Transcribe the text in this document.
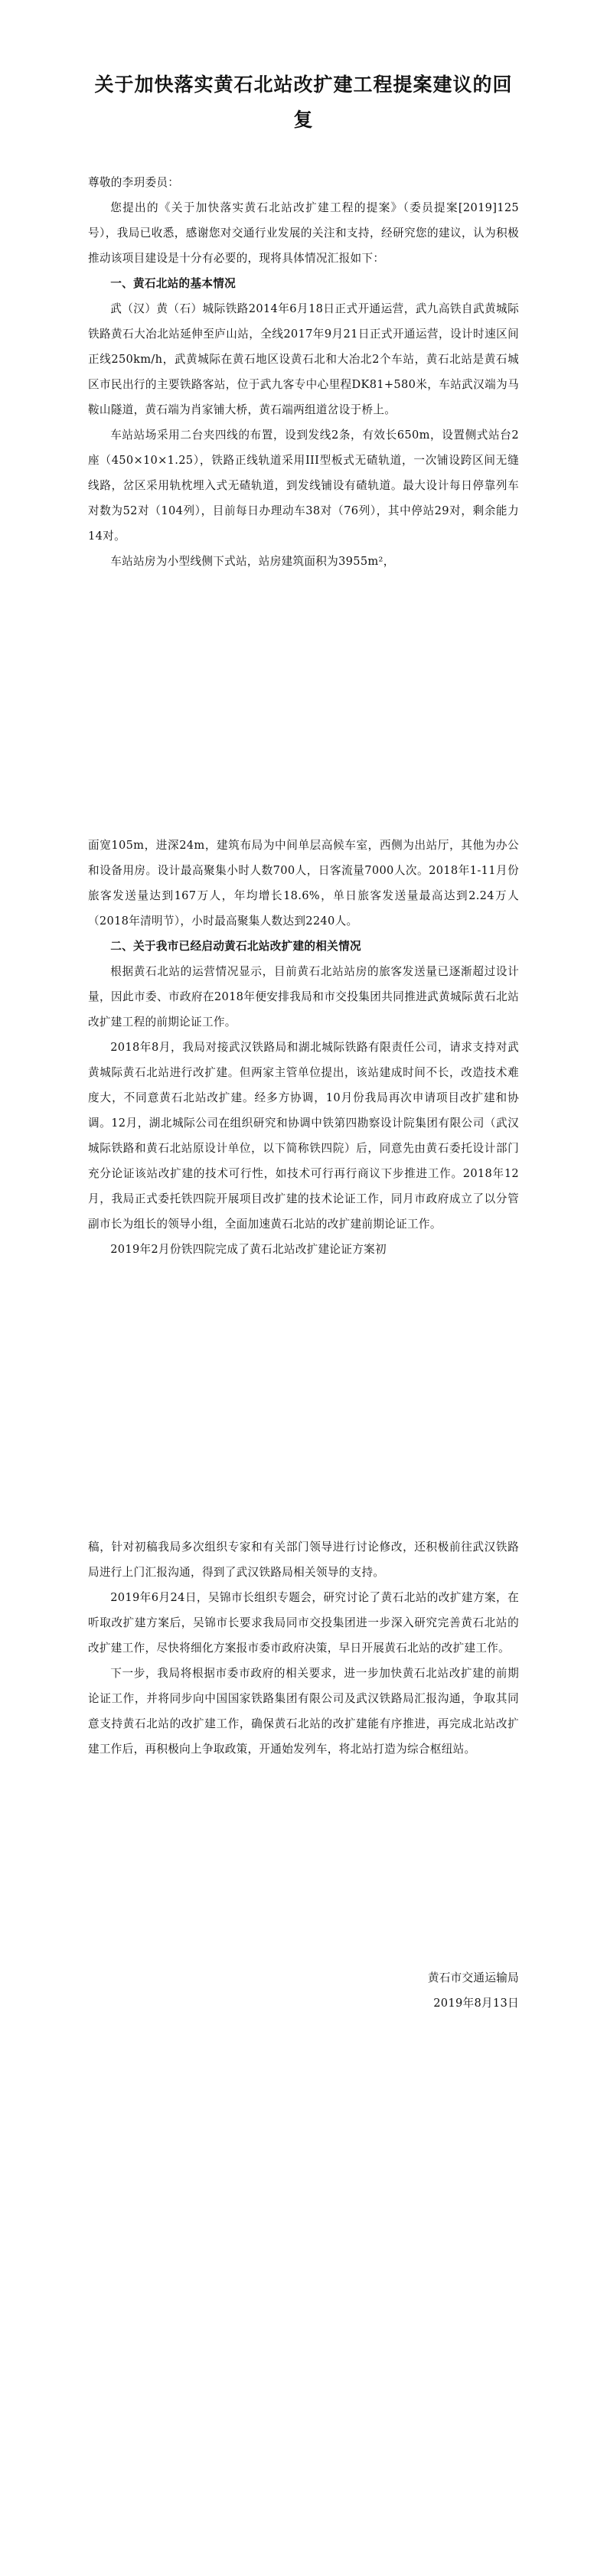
关于加快落实黄石北站改扩建工程提案建议的回复

尊敬的李玥委员：

您提出的《关于加快落实黄石北站改扩建工程的提案》（委员提案[2019]125号），我局已收悉，感谢您对交通行业发展的关注和支持，经研究您的建议，认为积极推动该项目建设是十分有必要的，现将具体情况汇报如下：

一、黄石北站的基本情况

武（汉）黄（石）城际铁路2014年6月18日正式开通运营，武九高铁自武黄城际铁路黄石大冶北站延伸至庐山站，全线2017年9月21日正式开通运营，设计时速区间正线250km/h，武黄城际在黄石地区设黄石北和大冶北2个车站，黄石北站是黄石城区市民出行的主要铁路客站，位于武九客专中心里程DK81+580米，车站武汉端为马鞍山隧道，黄石端为肖家铺大桥，黄石端两组道岔设于桥上。

车站站场采用二台夹四线的布置，设到发线2条，有效长650m，设置侧式站台2座（450×10×1.25），铁路正线轨道采用III型板式无碴轨道，一次铺设跨区间无缝线路，岔区采用轨枕埋入式无碴轨道，到发线铺设有碴轨道。最大设计每日停靠列车对数为52对（104列），目前每日办理动车38对（76列），其中停站29对，剩余能力14对。

车站站房为小型线侧下式站，站房建筑面积为3955m²，

面宽105m，进深24m，建筑布局为中间单层高候车室，西侧为出站厅，其他为办公和设备用房。设计最高聚集小时人数700人，日客流量7000人次。2018年1-11月份旅客发送量达到167万人，年均增长18.6%，单日旅客发送量最高达到2.24万人（2018年清明节），小时最高聚集人数达到2240人。

二、关于我市已经启动黄石北站改扩建的相关情况

根据黄石北站的运营情况显示，目前黄石北站站房的旅客发送量已逐渐超过设计量，因此市委、市政府在2018年便安排我局和市交投集团共同推进武黄城际黄石北站改扩建工程的前期论证工作。

2018年8月，我局对接武汉铁路局和湖北城际铁路有限责任公司，请求支持对武黄城际黄石北站进行改扩建。但两家主管单位提出，该站建成时间不长，改造技术难度大，不同意黄石北站改扩建。经多方协调，10月份我局再次申请项目改扩建和协调。12月，湖北城际公司在组织研究和协调中铁第四勘察设计院集团有限公司（武汉城际铁路和黄石北站原设计单位，以下简称铁四院）后，同意先由黄石委托设计部门充分论证该站改扩建的技术可行性，如技术可行再行商议下步推进工作。2018年12月，我局正式委托铁四院开展项目改扩建的技术论证工作，同月市政府成立了以分管副市长为组长的领导小组，全面加速黄石北站的改扩建前期论证工作。

2019年2月份铁四院完成了黄石北站改扩建论证方案初

稿，针对初稿我局多次组织专家和有关部门领导进行讨论修改，还积极前往武汉铁路局进行上门汇报沟通，得到了武汉铁路局相关领导的支持。

2019年6月24日，吴锦市长组织专题会，研究讨论了黄石北站的改扩建方案，在听取改扩建方案后，吴锦市长要求我局同市交投集团进一步深入研究完善黄石北站的改扩建工作，尽快将细化方案报市委市政府决策，早日开展黄石北站的改扩建工作。

下一步，我局将根据市委市政府的相关要求，进一步加快黄石北站改扩建的前期论证工作，并将同步向中国国家铁路集团有限公司及武汉铁路局汇报沟通，争取其同意支持黄石北站的改扩建工作，确保黄石北站的改扩建能有序推进，再完成北站改扩建工作后，再积极向上争取政策，开通始发列车，将北站打造为综合枢纽站。

黄石市交通运输局
2019年8月13日
